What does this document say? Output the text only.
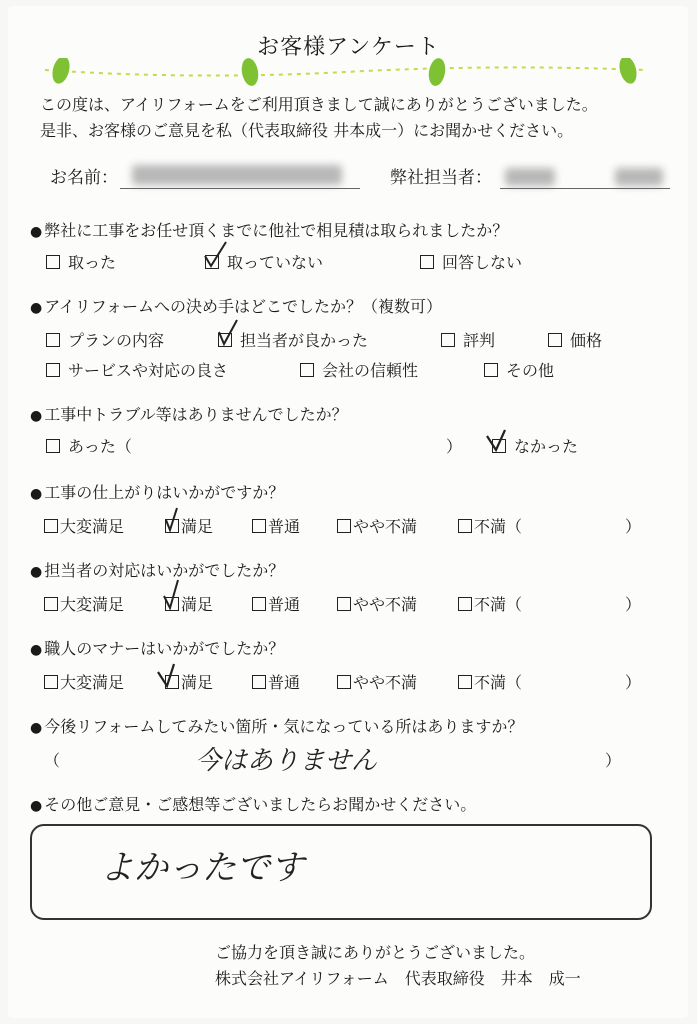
お客様アンケート
この度は、アイリフォームをご利用頂きまして誠にありがとうございました。
是非、お客様のご意見を私（代表取締役 井本成一）にお聞かせください。
お名前：	弊社担当者：
● 弊社に工事をお任せ頂くまでに他社で相見積は取られましたか？
取った	取っていない	回答しない
● アイリフォームへの決め手はどこでしたか？（複数可）
プランの内容	担当者が良かった	評判	価格
サービスや対応の良さ	会社の信頼性	その他
● 工事中トラブル等はありませんでしたか？
あった（	）	なかった
● 工事の仕上がりはいかがですか？
大変満足	満足	普通	やや不満	不満（	）
● 担当者の対応はいかがでしたか？
大変満足	満足	普通	やや不満	不満（	）
● 職人のマナーはいかがでしたか？
大変満足	満足	普通	やや不満	不満（	）
● 今後リフォームしてみたい箇所・気になっている所はありますか？
（	今はありません	）
● その他ご意見・ご感想等ございましたらお聞かせください。
よかったです
ご協力を頂き誠にありがとうございました。
株式会社アイリフォーム　代表取締役　井本　成一
